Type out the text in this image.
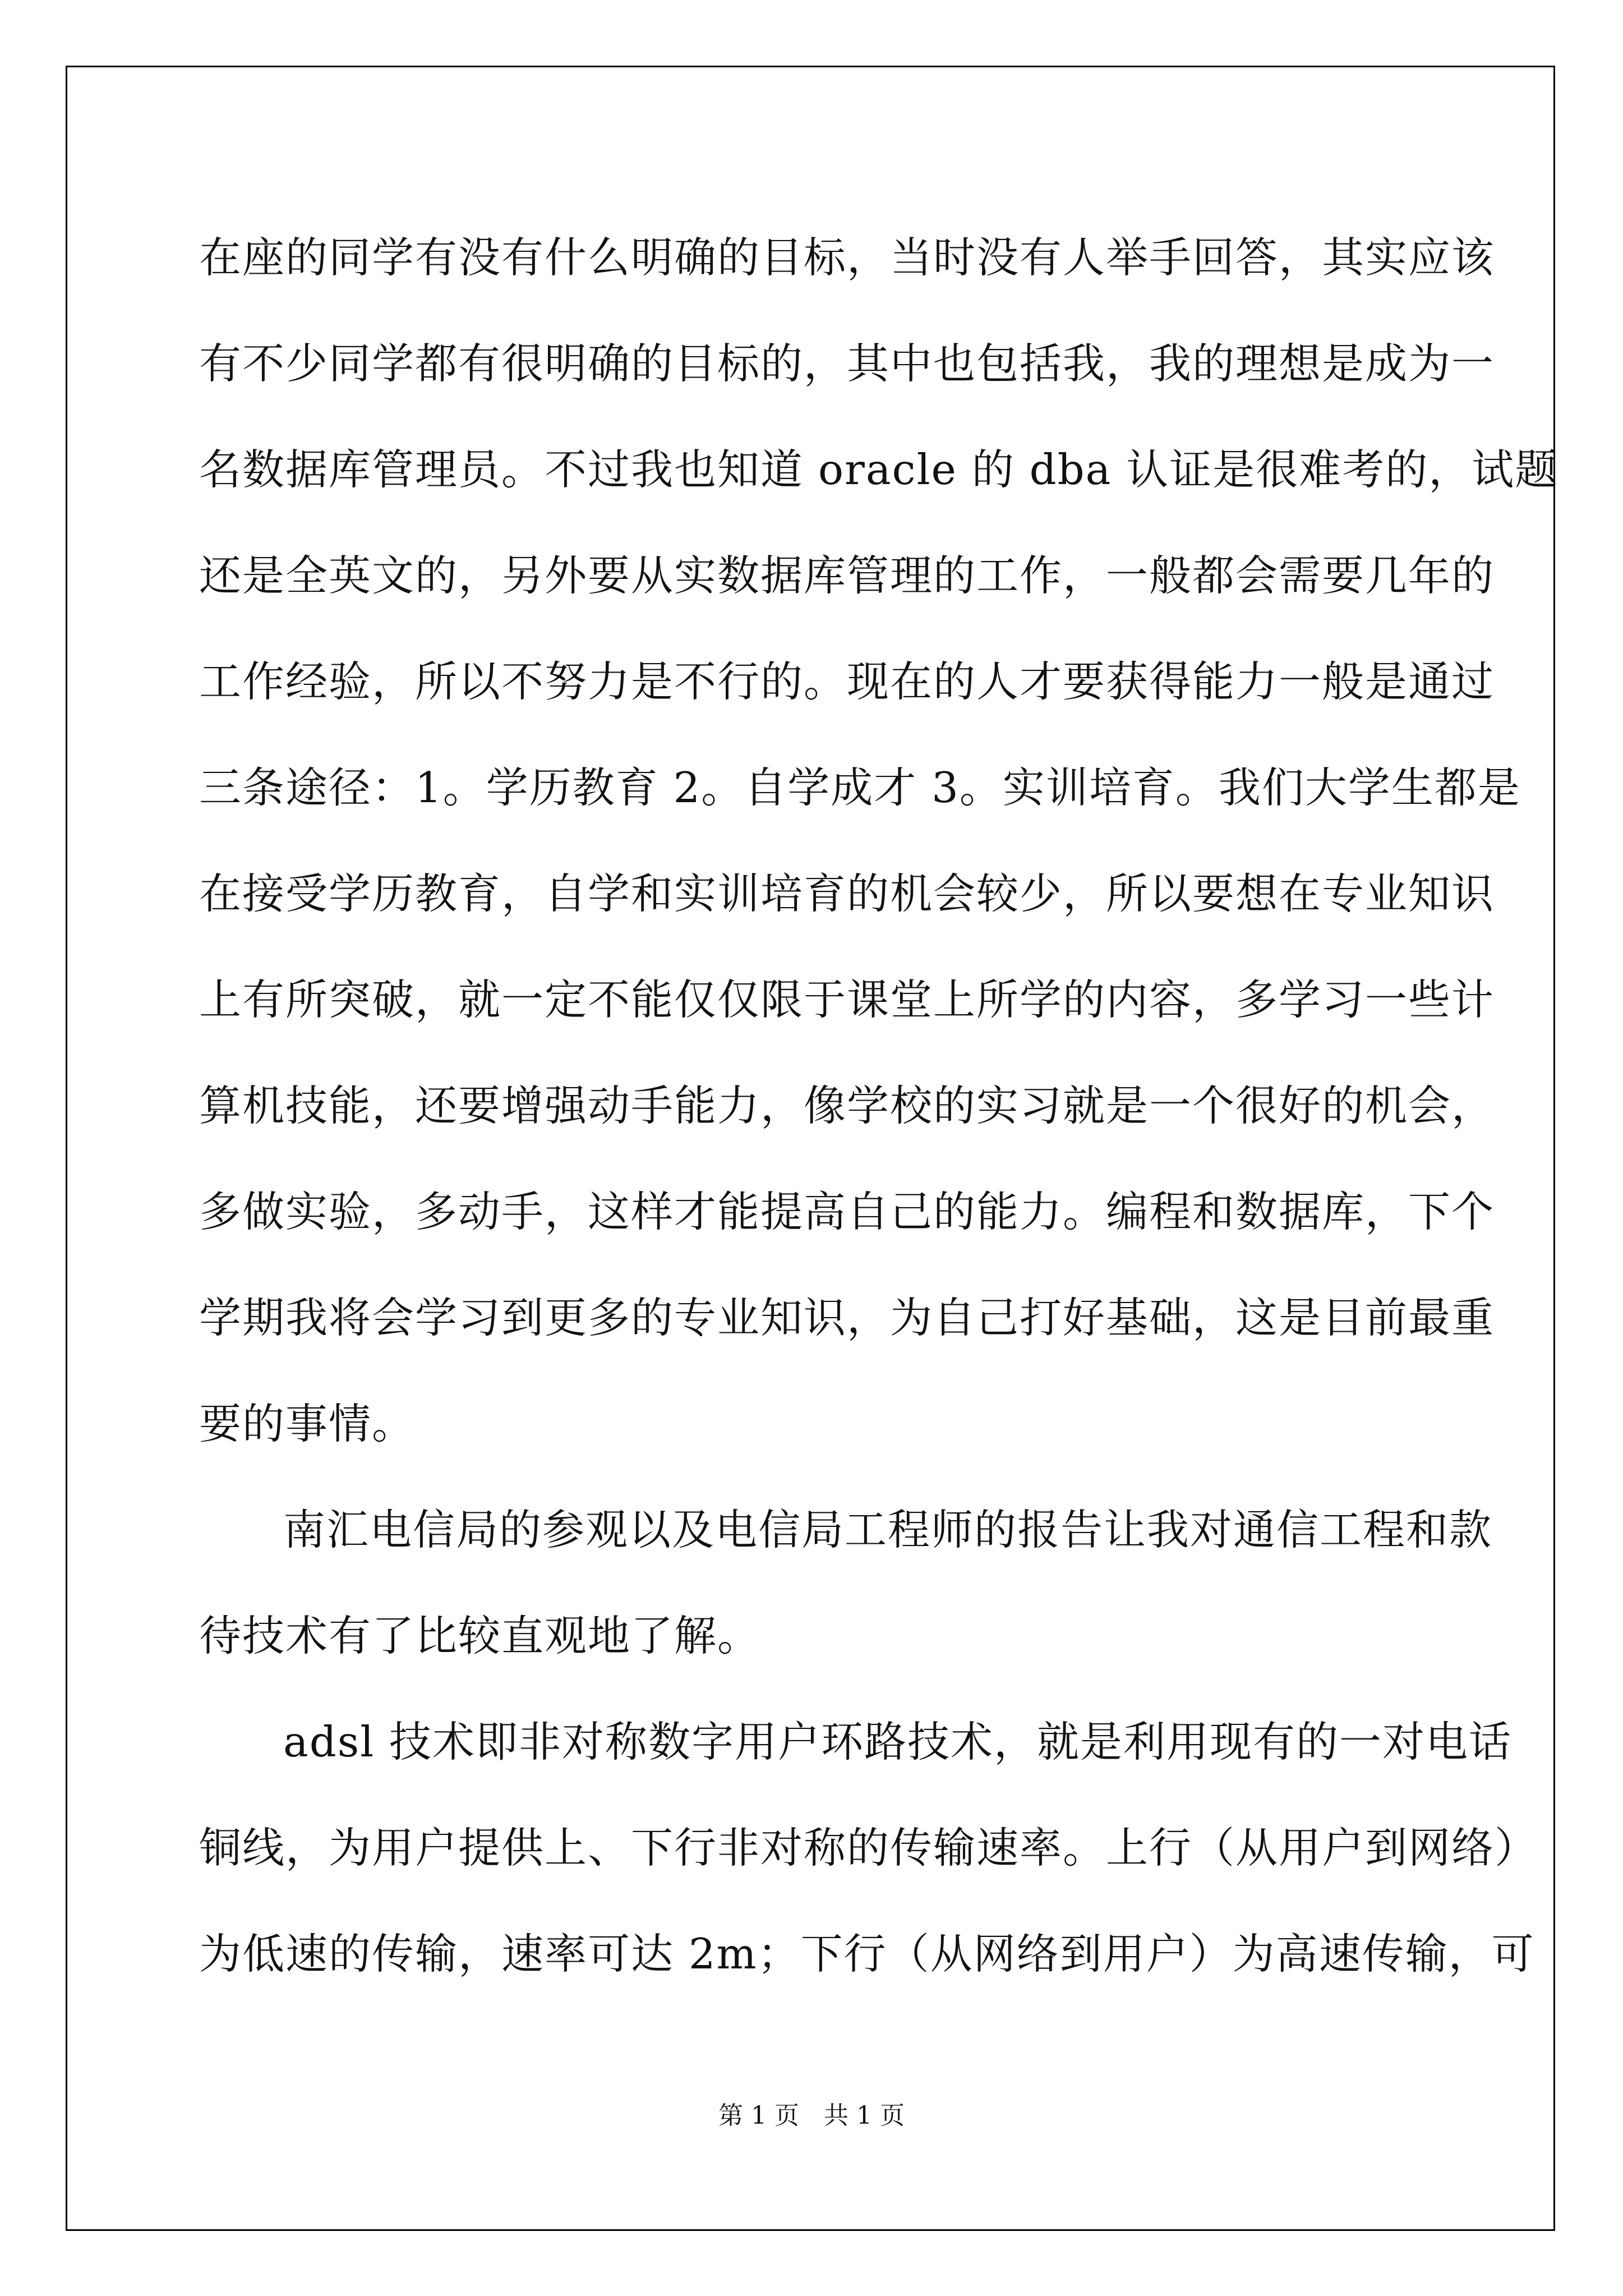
在座的同学有没有什么明确的目标，当时没有人举手回答，其实应该

有不少同学都有很明确的目标的，其中也包括我，我的理想是成为一

名数据库管理员。不过我也知道 oracle 的 dba 认证是很难考的，试题

还是全英文的，另外要从实数据库管理的工作，一般都会需要几年的

工作经验，所以不努力是不行的。现在的人才要获得能力一般是通过

三条途径：1。学历教育 2。自学成才 3。实训培育。我们大学生都是

在接受学历教育，自学和实训培育的机会较少，所以要想在专业知识

上有所突破，就一定不能仅仅限于课堂上所学的内容，多学习一些计

算机技能，还要增强动手能力，像学校的实习就是一个很好的机会，

多做实验，多动手，这样才能提高自己的能力。编程和数据库，下个

学期我将会学习到更多的专业知识，为自己打好基础，这是目前最重

要的事情。

南汇电信局的参观以及电信局工程师的报告让我对通信工程和款

待技术有了比较直观地了解。

adsl 技术即非对称数字用户环路技术，就是利用现有的一对电话

铜线，为用户提供上、下行非对称的传输速率。上行（从用户到网络）

为低速的传输，速率可达 2m；下行（从网络到用户）为高速传输，可

第 1 页 共 1 页
